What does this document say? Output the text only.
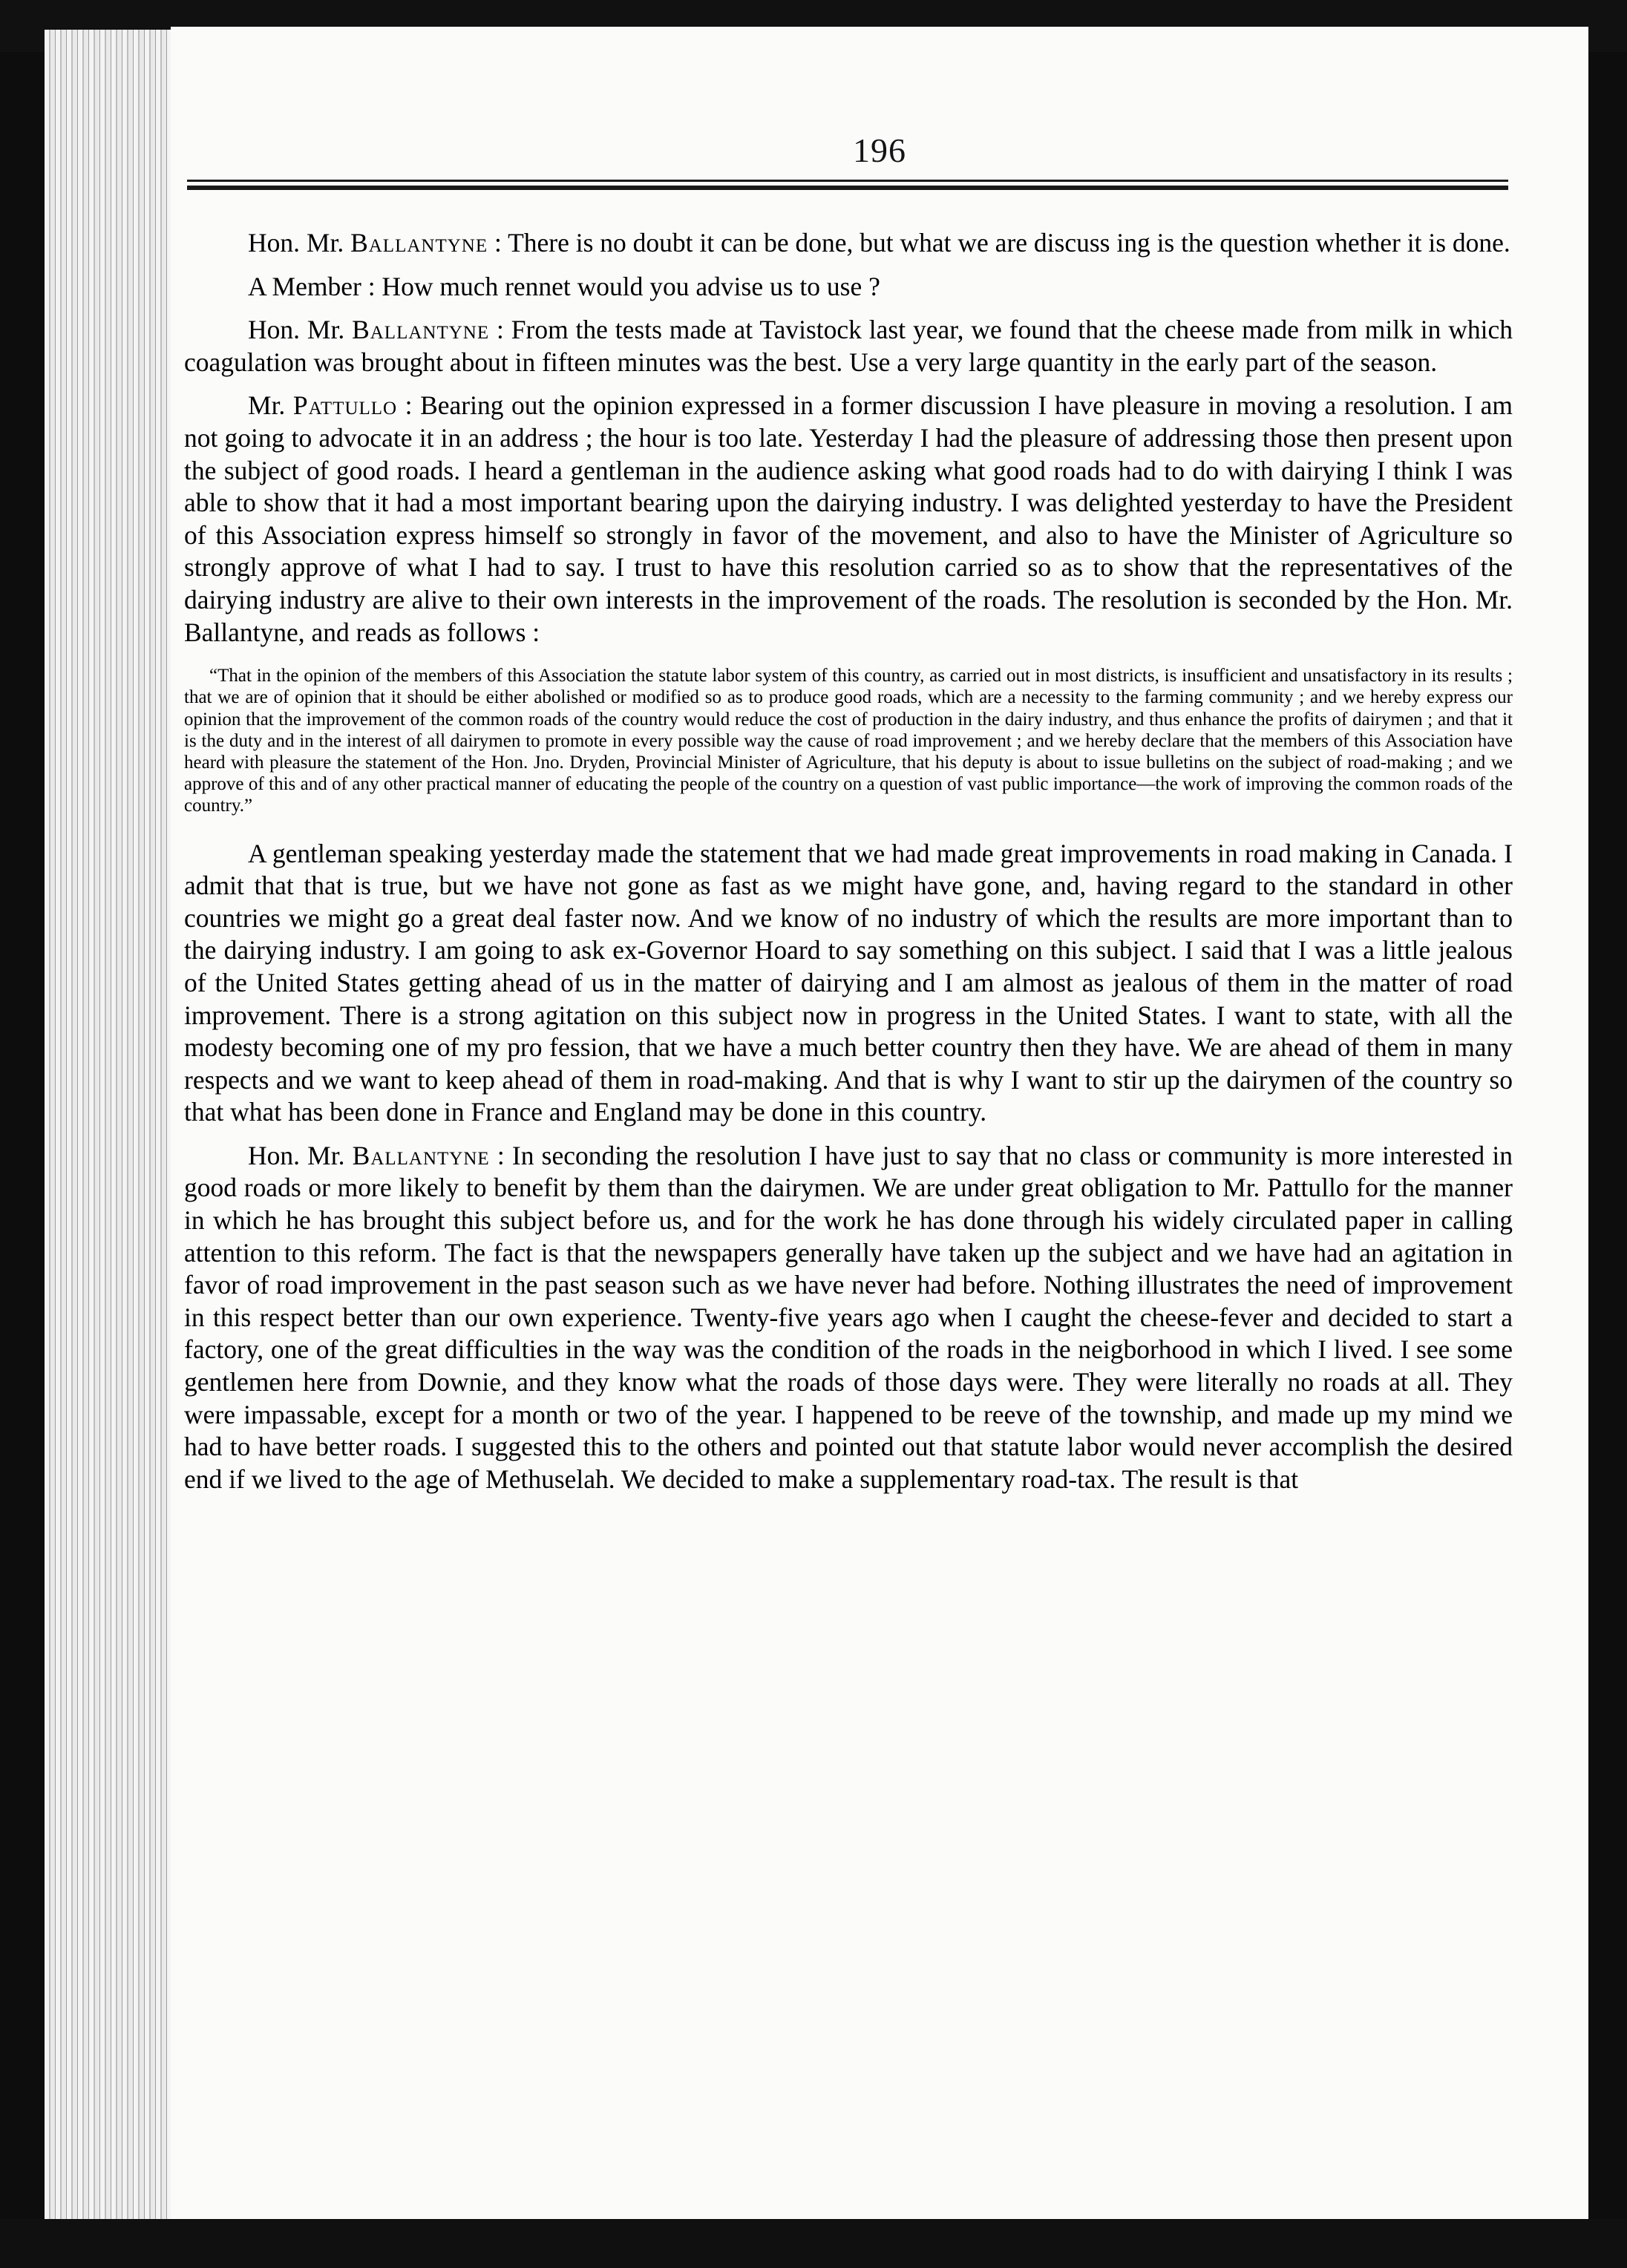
196

Hon. Mr. Ballantyne : There is no doubt it can be done, but what we are discuss ing is the question whether it is done.

A Member : How much rennet would you advise us to use ?

Hon. Mr. Ballantyne : From the tests made at Tavistock last year, we found that the cheese made from milk in which coagulation was brought about in fifteen minutes was the best. Use a very large quantity in the early part of the season.

Mr. Pattullo : Bearing out the opinion expressed in a former discussion I have pleasure in moving a resolution. I am not going to advocate it in an address ; the hour is too late. Yesterday I had the pleasure of addressing those then present upon the subject of good roads. I heard a gentleman in the audience asking what good roads had to do with dairying I think I was able to show that it had a most important bearing upon the dairying industry. I was delighted yesterday to have the President of this Association express himself so strongly in favor of the movement, and also to have the Minister of Agriculture so strongly approve of what I had to say. I trust to have this resolution carried so as to show that the representatives of the dairying industry are alive to their own interests in the improvement of the roads. The resolution is seconded by the Hon. Mr. Ballantyne, and reads as follows :

“That in the opinion of the members of this Association the statute labor system of this country, as carried out in most districts, is insufficient and unsatisfactory in its results ; that we are of opinion that it should be either abolished or modified so as to produce good roads, which are a necessity to the farming community ; and we hereby express our opinion that the improvement of the common roads of the country would reduce the cost of production in the dairy industry, and thus enhance the profits of dairymen ; and that it is the duty and in the interest of all dairymen to promote in every possible way the cause of road improvement ; and we hereby declare that the members of this Association have heard with pleasure the statement of the Hon. Jno. Dryden, Provincial Minister of Agriculture, that his deputy is about to issue bulletins on the subject of road-making ; and we approve of this and of any other practical manner of educating the people of the country on a question of vast public importance—the work of improving the common roads of the country.”

A gentleman speaking yesterday made the statement that we had made great improvements in road making in Canada. I admit that that is true, but we have not gone as fast as we might have gone, and, having regard to the standard in other countries we might go a great deal faster now. And we know of no industry of which the results are more important than to the dairying industry. I am going to ask ex-Governor Hoard to say something on this subject. I said that I was a little jealous of the United States getting ahead of us in the matter of dairying and I am almost as jealous of them in the matter of road improvement. There is a strong agitation on this subject now in progress in the United States. I want to state, with all the modesty becoming one of my pro fession, that we have a much better country then they have. We are ahead of them in many respects and we want to keep ahead of them in road-making. And that is why I want to stir up the dairymen of the country so that what has been done in France and England may be done in this country.

Hon. Mr. Ballantyne : In seconding the resolution I have just to say that no class or community is more interested in good roads or more likely to benefit by them than the dairymen. We are under great obligation to Mr. Pattullo for the manner in which he has brought this subject before us, and for the work he has done through his widely circulated paper in calling attention to this reform. The fact is that the newspapers generally have taken up the subject and we have had an agitation in favor of road improvement in the past season such as we have never had before. Nothing illustrates the need of improvement in this respect better than our own experience. Twenty-five years ago when I caught the cheese-fever and decided to start a factory, one of the great difficulties in the way was the condition of the roads in the neigborhood in which I lived. I see some gentlemen here from Downie, and they know what the roads of those days were. They were literally no roads at all. They were impassable, except for a month or two of the year. I happened to be reeve of the township, and made up my mind we had to have better roads. I suggested this to the others and pointed out that statute labor would never accomplish the desired end if we lived to the age of Methuselah. We decided to make a supplementary road-tax. The result is that
